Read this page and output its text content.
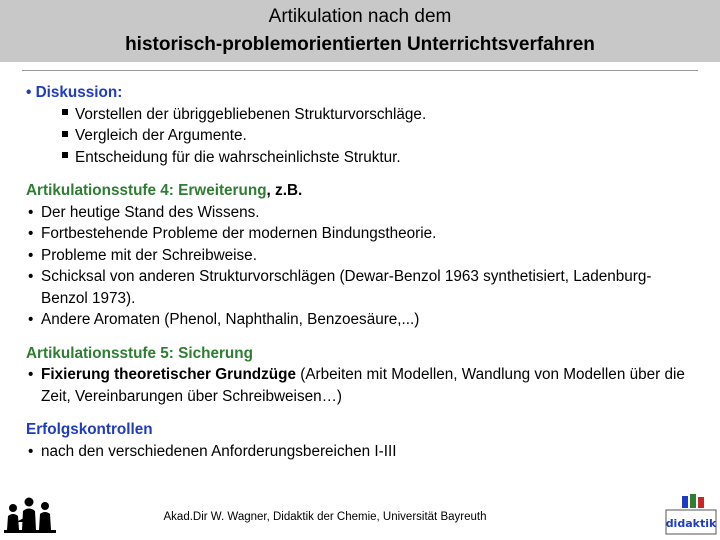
Artikulation nach dem
historisch-problemorientierten Unterrichtsverfahren
• Diskussion:
Vorstellen der übriggebliebenen Strukturvorschläge.
Vergleich der Argumente.
Entscheidung für die wahrscheinlichste Struktur.
Artikulationsstufe 4: Erweiterung, z.B.
• Der heutige Stand des Wissens.
• Fortbestehende Probleme der modernen Bindungstheorie.
• Probleme mit der Schreibweise.
• Schicksal von anderen Strukturvorschlägen (Dewar-Benzol 1963 synthetisiert, Ladenburg-Benzol 1973).
• Andere Aromaten (Phenol, Naphthalin, Benzoesäure,...)
Artikulationsstufe 5: Sicherung
• Fixierung theoretischer Grundzüge (Arbeiten mit Modellen, Wandlung von Modellen über die Zeit, Vereinbarungen über Schreibweisen…)
Erfolgskontrollen
• nach den verschiedenen Anforderungsbereichen I-III
Akad.Dir W. Wagner, Didaktik der Chemie, Universität Bayreuth	didaktik
